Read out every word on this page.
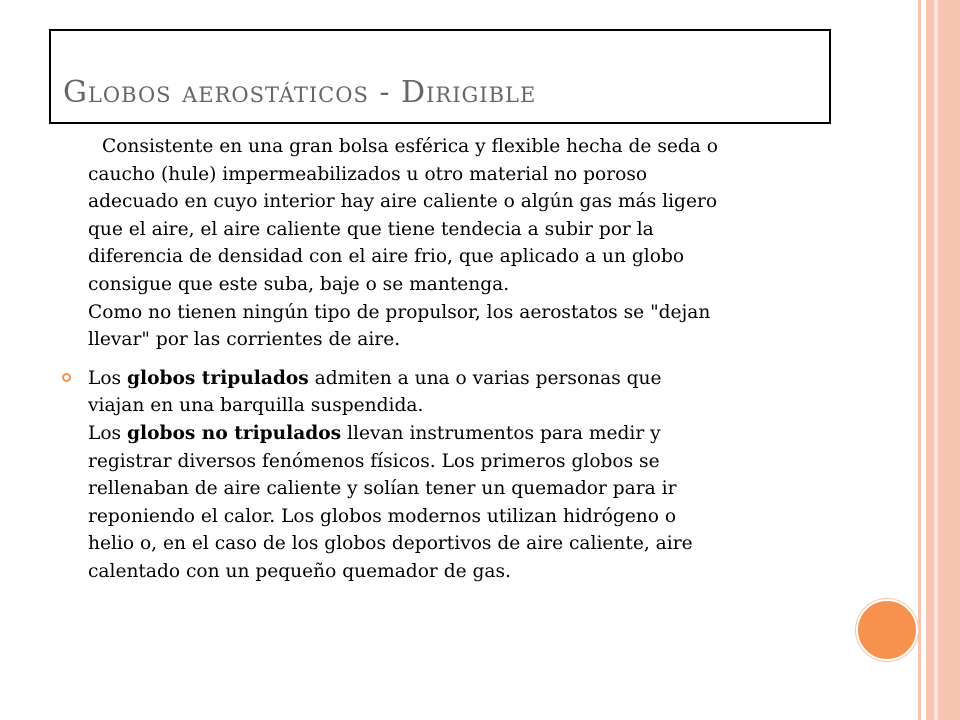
Globos aerostáticos - Dirigible

Consistente en una gran bolsa esférica y flexible hecha de seda o
caucho (hule) impermeabilizados u otro material no poroso
adecuado en cuyo interior hay aire caliente o algún gas más ligero
que el aire, el aire caliente que tiene tendecia a subir por la
diferencia de densidad con el aire frio, que aplicado a un globo
consigue que este suba, baje o se mantenga.
Como no tienen ningún tipo de propulsor, los aerostatos se "dejan
llevar" por las corrientes de aire.

Los globos tripulados admiten a una o varias personas que
viajan en una barquilla suspendida.
Los globos no tripulados llevan instrumentos para medir y
registrar diversos fenómenos físicos. Los primeros globos se
rellenaban de aire caliente y solían tener un quemador para ir
reponiendo el calor. Los globos modernos utilizan hidrógeno o
helio o, en el caso de los globos deportivos de aire caliente, aire
calentado con un pequeño quemador de gas.
